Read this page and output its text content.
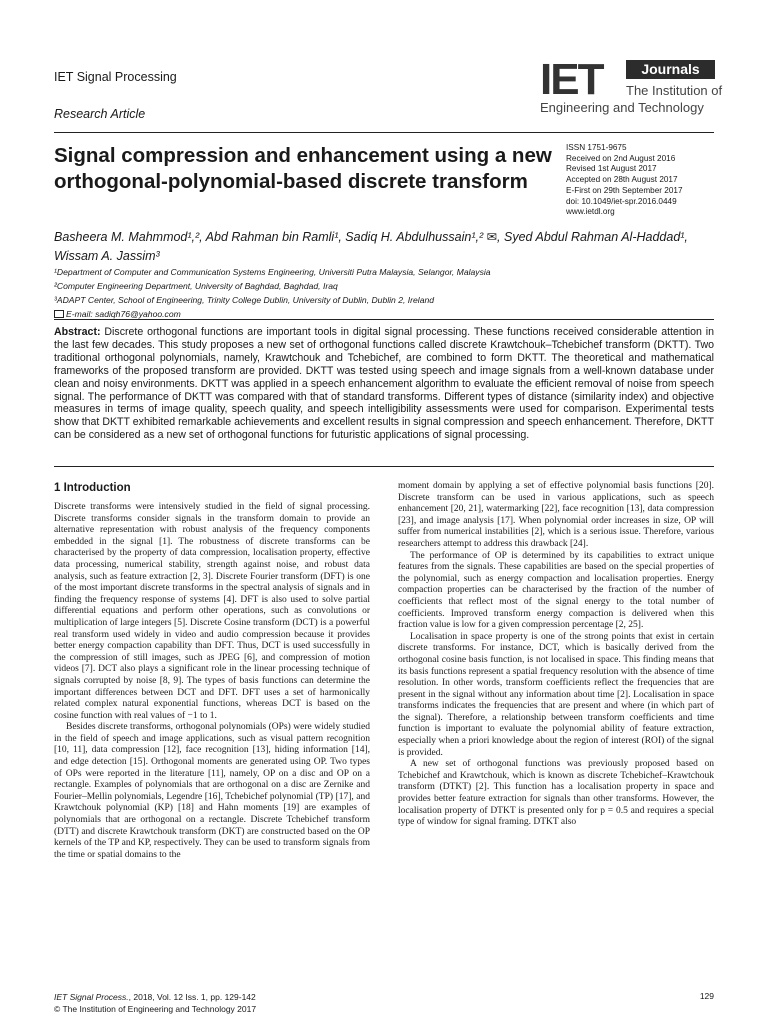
IET Signal Processing
Research Article
IET	Journals
The Institution of
Engineering and Technology
Signal compression and enhancement using a new orthogonal-polynomial-based discrete transform
ISSN 1751-9675
Received on 2nd August 2016
Revised 1st August 2017
Accepted on 28th August 2017
E-First on 29th September 2017
doi: 10.1049/iet-spr.2016.0449
www.ietdl.org
Basheera M. Mahmmod¹,², Abd Rahman bin Ramli¹, Sadiq H. Abdulhussain¹,² ✉, Syed Abdul Rahman Al-Haddad¹, Wissam A. Jassim³
¹Department of Computer and Communication Systems Engineering, Universiti Putra Malaysia, Selangor, Malaysia
²Computer Engineering Department, University of Baghdad, Baghdad, Iraq
³ADAPT Center, School of Engineering, Trinity College Dublin, University of Dublin, Dublin 2, Ireland
E-mail: sadiqh76@yahoo.com
Abstract: Discrete orthogonal functions are important tools in digital signal processing. These functions received considerable attention in the last few decades. This study proposes a new set of orthogonal functions called discrete Krawtchouk–Tchebichef transform (DKTT). Two traditional orthogonal polynomials, namely, Krawtchouk and Tchebichef, are combined to form DKTT. The theoretical and mathematical frameworks of the proposed transform are provided. DKTT was tested using speech and image signals from a well-known database under clean and noisy environments. DKTT was applied in a speech enhancement algorithm to evaluate the efficient removal of noise from speech signal. The performance of DKTT was compared with that of standard transforms. Different types of distance (similarity index) and objective measures in terms of image quality, speech quality, and speech intelligibility assessments were used for comparison. Experimental tests show that DKTT exhibited remarkable achievements and excellent results in signal compression and speech enhancement. Therefore, DKTT can be considered as a new set of orthogonal functions for futuristic applications of signal processing.
1 Introduction

Discrete transforms were intensively studied in the field of signal processing. Discrete transforms consider signals in the transform domain to provide an alternative representation with robust analysis of the frequency components embedded in the signal [1]. The robustness of discrete transforms can be characterised by the property of data compression, localisation property, effective data processing, numerical stability, strength against noise, and robust data analysis, such as feature extraction [2, 3]. Discrete Fourier transform (DFT) is one of the most important discrete transforms in the spectral analysis of signals and in finding the frequency response of systems [4]. DFT is also used to solve partial differential equations and perform other operations, such as convolutions or multiplication of large integers [5]. Discrete Cosine transform (DCT) is a powerful real transform used widely in video and audio compression because it provides better energy compaction capability than DFT. Thus, DCT is used successfully in the compression of still images, such as JPEG [6], and compression of motion videos [7]. DCT also plays a significant role in the linear processing technique of signals corrupted by noise [8, 9]. The types of basis functions can determine the important differences between DCT and DFT. DFT uses a set of harmonically related complex natural exponential functions, whereas DCT is based on the cosine function with real values of −1 to 1.

Besides discrete transforms, orthogonal polynomials (OPs) were widely studied in the field of speech and image applications, such as visual pattern recognition [10, 11], data compression [12], face recognition [13], hiding information [14], and edge detection [15]. Orthogonal moments are generated using OP. Two types of OPs were reported in the literature [11], namely, OP on a disc and OP on a rectangle. Examples of polynomials that are orthogonal on a disc are Zernike and Fourier–Mellin polynomials, Legendre [16], Tchebichef polynomial (TP) [17], and Krawtchouk polynomial (KP) [18] and Hahn moments [19] are examples of polynomials that are orthogonal on a rectangle. Discrete Tchebichef transform (DTT) and discrete Krawtchouk transform (DKT) are constructed based on the OP kernels of the TP and KP, respectively. They can be used to transform signals from the time or spatial domains to the

moment domain by applying a set of effective polynomial basis functions [20]. Discrete transform can be used in various applications, such as speech enhancement [20, 21], watermarking [22], face recognition [13], data compression [23], and image analysis [17]. When polynomial order increases in size, OP will suffer from numerical instabilities [2], which is a serious issue. Therefore, various researchers attempt to address this drawback [24].

The performance of OP is determined by its capabilities to extract unique features from the signals. These capabilities are based on the special properties of the polynomial, such as energy compaction and localisation properties. Energy compaction properties can be characterised by the fraction of the number of coefficients that reflect most of the signal energy to the total number of coefficients. Improved transform energy compaction is delivered when this fraction value is low for a given compression percentage [2, 25].

Localisation in space property is one of the strong points that exist in certain discrete transforms. For instance, DCT, which is basically derived from the orthogonal cosine basis function, is not localised in space. This finding means that its basis functions represent a spatial frequency resolution with the absence of time resolution. In other words, transform coefficients reflect the frequencies that are present in the signal without any information about time [2]. Localisation in space transforms indicates the frequencies that are present and where (in which part of the signal). Therefore, a relationship between transform coefficients and time function is important to evaluate the polynomial ability of feature extraction, especially when a priori knowledge about the region of interest (ROI) of the signal is provided.

A new set of orthogonal functions was previously proposed based on Tchebichef and Krawtchouk, which is known as discrete Tchebichef–Krawtchouk transform (DTKT) [2]. This function has a localisation property in space and provides better feature extraction for signals than other transforms. However, the localisation property of DTKT is presented only for p = 0.5 and requires a special type of window for signal framing. DTKT also

IET Signal Process., 2018, Vol. 12 Iss. 1, pp. 129-142
© The Institution of Engineering and Technology 2017
129
